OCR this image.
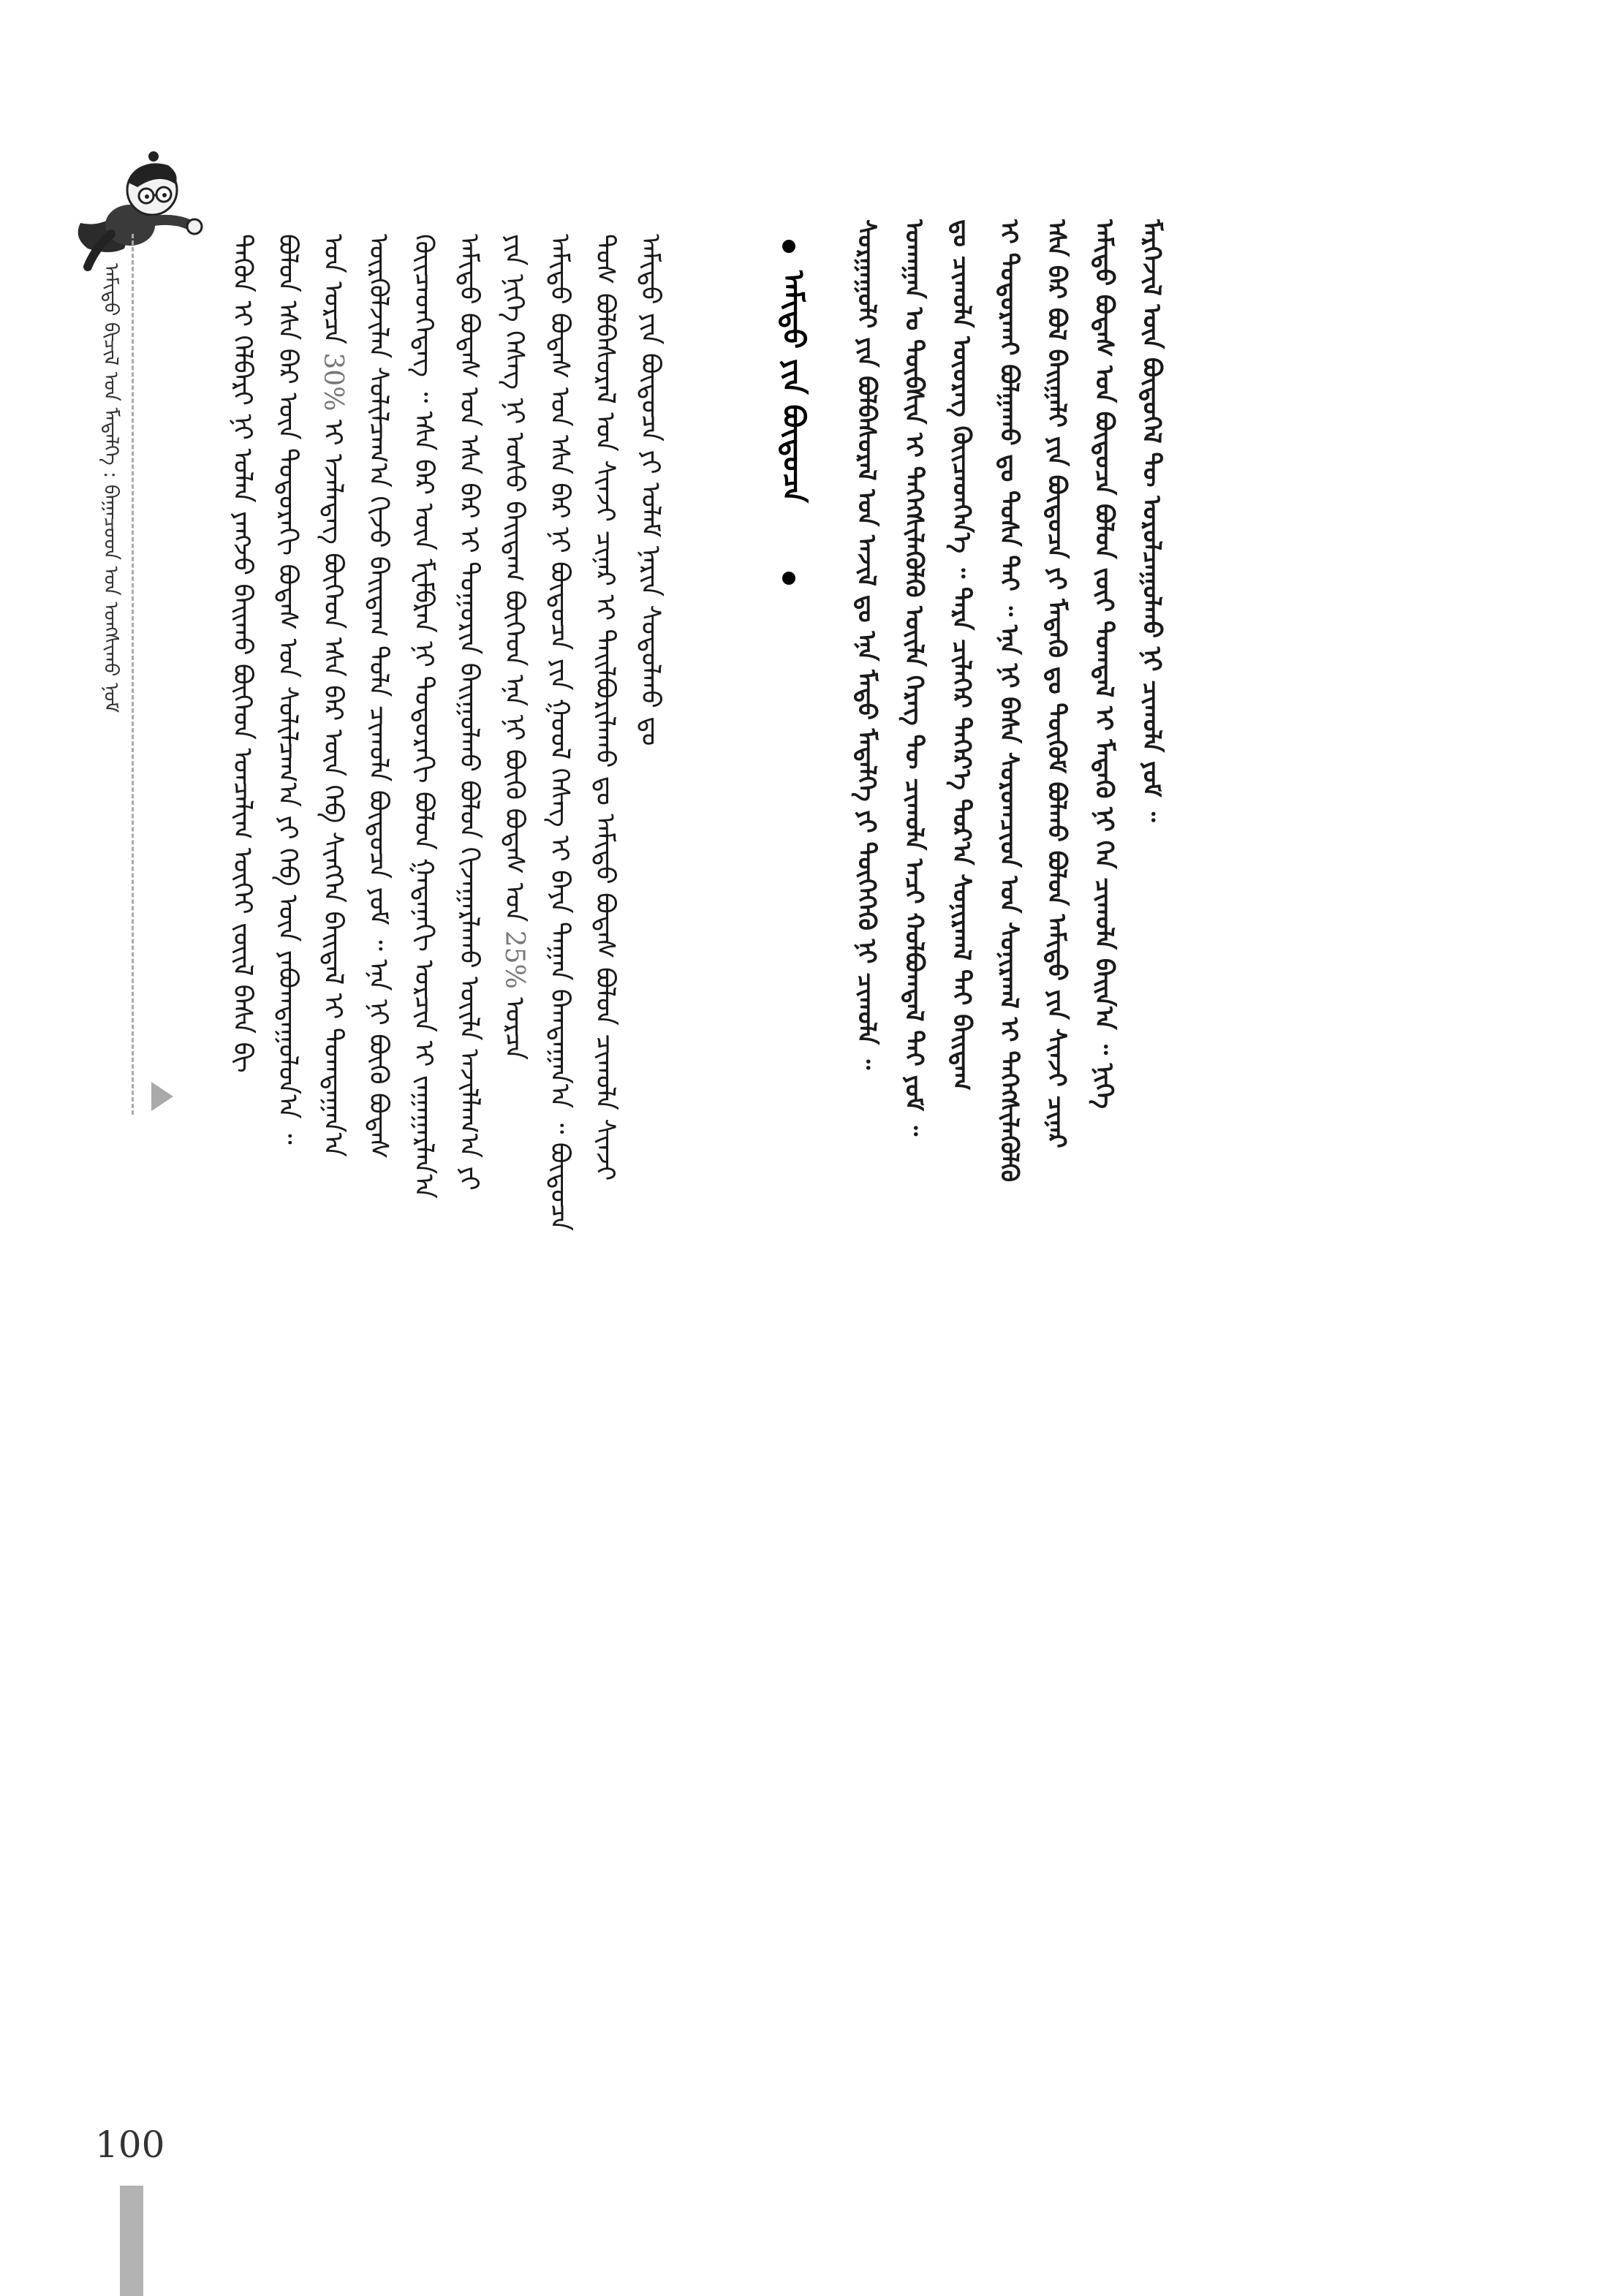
ᠠᠮᠢᠳᠤ ᠪᠢᠴᠢᠯ ᠤᠨ ᠮᠡᠳᠡᠯᠭᠡ : ᠪᠠᠭᠠᠴᠤᠳ ᠤᠨ ᠤᠩᠰᠢᠬᠤ ᠨᠣᠮ	ᠲᠡᠭᠦᠨ ᠢ ᠬᠡᠯᠪᠡᠷᠢ ᠨᠢ ᠣᠯᠠᠨ ᠶᠠᠩᠵᠤ ᠪᠠᠢᠬᠤ ᠪᠥᠭᠡᠳ ᠣᠨᠴᠠᠯᠢᠭ ᠦᠭᠡᠢ ᠵᠦᠢᠯ ᠪᠠᠰᠠ ᠪᠢ ᠪᠣᠯᠤᠨ ᠡᠰᠡ ᠪᠡᠷ ᠦᠨ ᠳᠣᠲᠣᠷᠠᠬᠢ ᠪᠣᠳᠠᠰ ᠤᠨ ᠰᠣᠯᠢᠯᠴᠠᠭ᠎ᠠ ᠶᠢ ᠬᠡᠪ ᠦᠨ ᠶᠠᠪᠤᠭᠳᠠᠭᠤᠯᠤᠨ᠎ᠠ ᠃ ᠤᠨ ᠤᠷᠴᠠ 30% ᠢ ᠡᠵᠡᠯᠡᠳᠡᠭ ᠪᠥᠭᠡᠳ ᠡᠰᠡ ᠪᠡᠷ ᠦᠨ ᠬᠡᠪ ᠰᠢᠩᠭᠡᠨ ᠪᠠᠢᠳᠠᠯ ᠢ ᠲᠣᠭᠲᠠᠭᠠᠨ᠎ᠠ ᠦᠷᠭᠦᠯᠵᠢᠯᠡᠨ ᠰᠣᠯᠢᠯᠴᠠᠭ᠎ᠠ ᠬᠢᠵᠦ ᠪᠠᠢᠳᠠᠭ ᠲᠤᠯᠠ ᠴᠢᠬᠤᠯᠠ ᠪᠦᠲᠦᠴᠡ ᠶᠤᠮ ᠃ ᠡᠨᠡ ᠨᠢ ᠪᠦᠬᠦ ᠪᠣᠳᠠᠰ ᠭᠦᠢᠴᠡᠳᠭᠡᠳᠡᠭ ᠃ ᠡᠰᠡ ᠪᠡᠷ ᠦᠨ ᠮᠸᠮᠪᠷᠠᠨ ᠨᠢ ᠳᠣᠲᠣᠷᠠᠬᠢ ᠪᠣᠯᠤᠨ ᠭᠠᠳᠠᠨᠠᠬᠢ ᠣᠷᠴᠢᠨ ᠢ ᠵᠠᠭᠠᠭᠠᠷᠯᠠᠨ᠎ᠠ ᠠᠮᠢᠳᠤ ᠪᠣᠳᠠᠰ ᠤᠨ ᠡᠰᠡ ᠪᠡᠷ ᠢ ᠲᠣᠭᠤᠷᠢᠨ ᠪᠠᠢᠭᠤᠯᠬᠤ ᠪᠣᠯᠤᠨ ᠬᠢᠵᠠᠭᠠᠷᠯᠠᠬᠤ ᠦᠢᠯᠡ ᠠᠵᠢᠯᠯᠠᠭ᠎ᠠ ᠶᠢ ᠶᠢᠨ ᠨᠢᠭᠡ ᠬᠡᠰᠡᠭ ᠨᠢ ᠤᠰᠤ ᠪᠠᠢᠳᠠᠭ ᠪᠥᠭᠡᠳ ᠡᠨᠡ ᠨᠢ ᠪᠦᠬᠦ ᠪᠣᠳᠠᠰ ᠤᠨ 25% ᠤᠷᠴᠠ ᠠᠮᠢᠳᠤ ᠪᠣᠳᠠᠰ ᠤᠨ ᠡᠰᠡ ᠪᠡᠷ ᠨᠢ ᠪᠦᠲᠦᠴᠡ ᠶᠢᠨ ᠭᠣᠤᠯ ᠬᠡᠰᠡᠭ ᠢ ᠪᠡᠶᠡ ᠳᠠᠭᠠᠨ ᠪᠠᠭᠲᠠᠭᠠᠨ᠎ᠠ ᠃ ᠪᠦᠲᠦᠴᠡ ᠲᠤᠰ ᠪᠣᠯᠪᠠᠰᠤᠷᠠᠯ ᠤᠨ ᠰᠢᠨᠵᠢ ᠴᠢᠨᠠᠷ ᠢ ᠲᠠᠢᠯᠪᠤᠷᠢᠯᠠᠬᠤ ᠳᠤ ᠠᠮᠢᠳᠤ ᠪᠣᠳᠠᠰ ᠪᠣᠯᠤᠨ ᠴᠢᠬᠤᠯᠠ ᠰᠢᠨᠵᠢ ᠠᠮᠢᠳᠤ ᠶᠢᠨ ᠪᠦᠲᠦᠴᠡ ᠶᠢ ᠤᠯᠠᠮ ᠨᠠᠷᠢᠨ ᠰᠤᠳᠤᠯᠬᠤ ᠳᠤ	ᠠᠮᠢᠳᠤ ᠶᠢᠨ ᠪᠦᠲᠦᠴᠡ	ᠰᠤᠷᠭᠠᠭᠤᠯᠢ ᠶᠢᠨ ᠪᠣᠯᠪᠠᠰᠤᠷᠠᠯ ᠤᠨ ᠠᠵᠢᠯ ᠳᠤ ᠡᠨᠡ ᠮᠡᠲᠦ ᠮᠡᠳᠡᠯᠭᠡ ᠶᠢ ᠲᠦᠭᠡᠭᠡᠬᠦ ᠨᠢ ᠴᠢᠬᠤᠯᠠ ᠃ ᠤᠬᠠᠭᠠᠨ ᠤ ᠲᠦᠪᠰᠢᠨ ᠢ ᠳᠡᠭᠡᠭᠰᠢᠯᠡᠭᠦᠯᠬᠦ ᠦᠢᠯᠡ ᠬᠡᠷᠡᠭ ᠲᠦ ᠴᠢᠬᠤᠯᠠ ᠠᠴᠢ ᠬᠣᠯᠪᠣᠭᠳᠠᠯ ᠲᠠᠢ ᠶᠤᠮ ᠃ ᠳᠤ ᠴᠢᠬᠤᠯᠠ ᠦᠦᠷᠡᠭ ᠭᠦᠢᠴᠡᠳᠭᠡᠨ᠎ᠡ ᠃ ᠲᠡᠷᠡ ᠴᠢᠯᠡᠭᠡᠷ ᠳᠡᠭᠡᠷ᠎ᠡ ᠳᠤᠷ᠎ᠠ ᠰᠣᠨᠢᠷᠬᠠᠯ ᠲᠠᠢ ᠪᠠᠢᠳᠠᠭ ᠢ ᠲᠣᠳᠤᠷᠬᠠᠢ ᠪᠣᠯᠭᠠᠬᠤ ᠳᠤ ᠳᠤᠰᠠ ᠲᠠᠢ ᠃ ᠡᠨᠡ ᠨᠢ ᠪᠠᠰᠠ ᠰᠤᠷᠤᠭᠴᠢᠳ ᠤᠨ ᠰᠣᠨᠢᠷᠬᠠᠯ ᠢ ᠳᠡᠭᠡᠭᠰᠢᠯᠡᠭᠦᠯᠬᠦ ᠡᠰᠡ ᠪᠡᠷ ᠪᠣᠯ ᠪᠠᠢᠭᠠᠯᠢ ᠶᠢᠨ ᠪᠦᠲᠦᠴᠡ ᠶᠢ ᠮᠡᠳᠡᠬᠦ ᠳᠤ ᠳᠥᠭᠥᠮ ᠪᠣᠯᠬᠤ ᠪᠣᠯᠤᠨ ᠠᠮᠢᠳᠤ ᠶᠢᠨ ᠰᠢᠨᠵᠢ ᠴᠢᠨᠠᠷ ᠠᠮᠢᠳᠤ ᠪᠣᠳᠠᠰ ᠤᠨ ᠪᠦᠲᠦᠴᠡ ᠪᠣᠯᠤᠨ ᠵᠦᠢ ᠲᠣᠭᠲᠠᠯ ᠢ ᠮᠡᠳᠡᠬᠦ ᠨᠢ ᠭᠡᠨ ᠴᠢᠬᠤᠯᠠ ᠪᠠᠢᠨ᠎ᠠ ᠃ ᠨᠢᠭᠡ ᠮᠡᠷᠭᠡᠵᠢᠯ ᠦᠨ ᠪᠦᠲᠦᠭᠡᠯ ᠲᠦ ᠣᠷᠣᠯᠴᠠᠭᠤᠯᠬᠤ ᠨᠢ ᠴᠢᠬᠤᠯᠠ ᠶᠤᠮ ᠃
100
